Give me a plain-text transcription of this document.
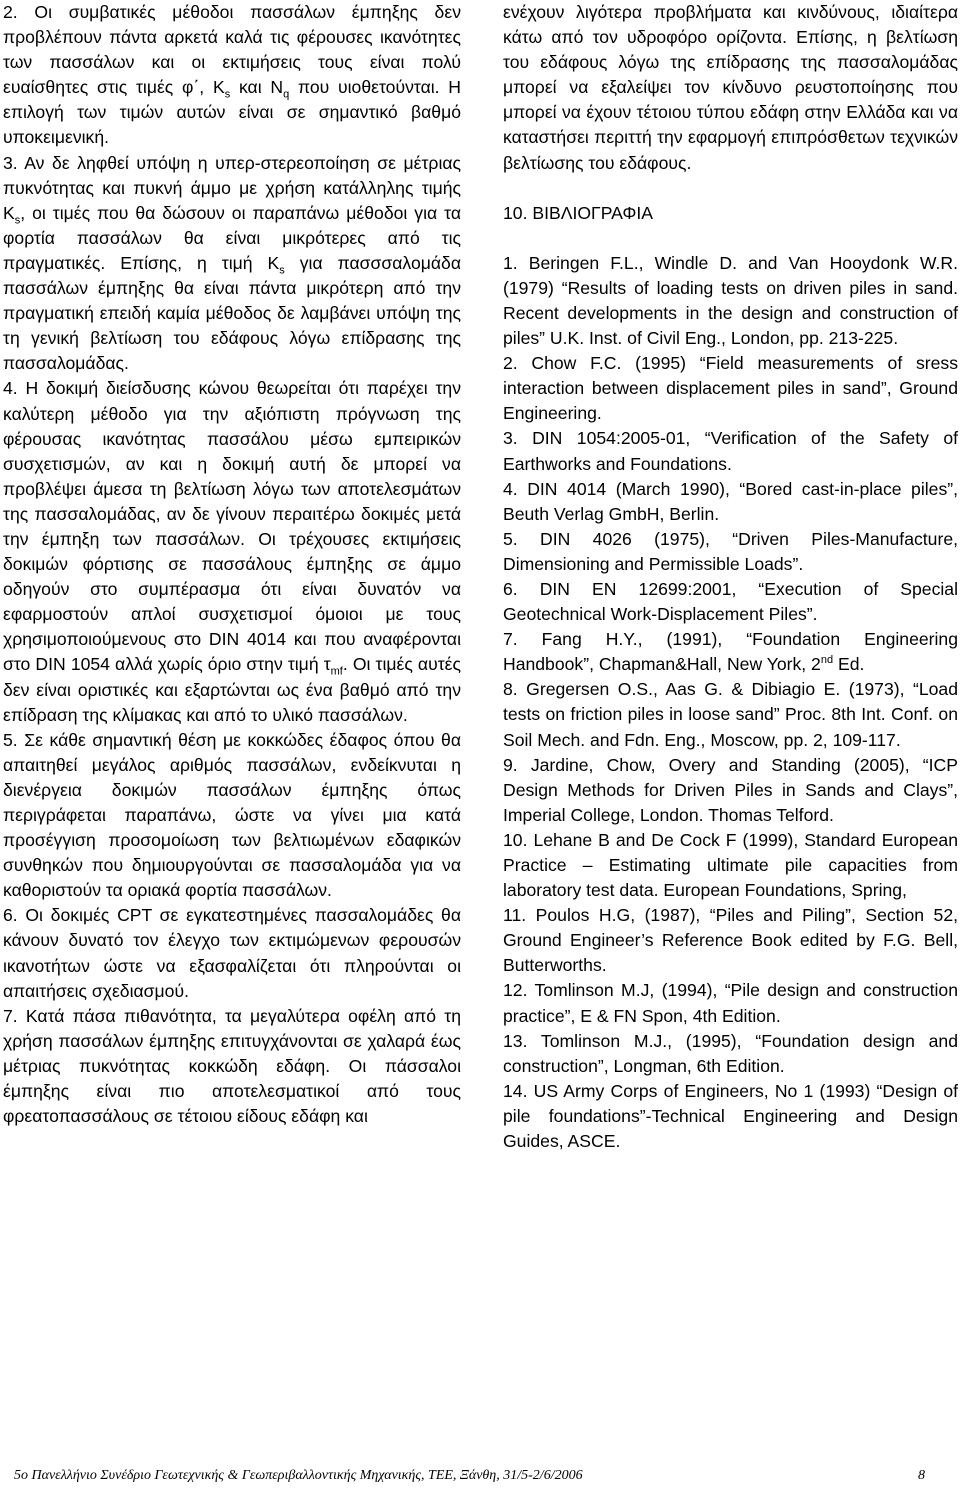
2. Οι συμβατικές μέθοδοι πασσάλων έμπηξης δεν προβλέπουν πάντα αρκετά καλά τις φέρουσες ικανότητες των πασσάλων και οι εκτιμήσεις τους είναι πολύ ευαίσθητες στις τιμές φ΄, $K_s$ και $N_q$ που υιοθετούνται. Η επιλογή των τιμών αυτών είναι σε σημαντικό βαθμό υποκειμενική.

3. Αν δε ληφθεί υπόψη η υπερ-στερεοποίηση σε μέτριας πυκνότητας και πυκνή άμμο με χρήση κατάλληλης τιμής $K_s$, οι τιμές που θα δώσουν οι παραπάνω μέθοδοι για τα φορτία πασσάλων θα είναι μικρότερες από τις πραγματικές. Επίσης, η τιμή $K_s$ για πασσσαλομάδα πασσάλων έμπηξης θα είναι πάντα μικρότερη από την πραγματική επειδή καμία μέθοδος δε λαμβάνει υπόψη της τη γενική βελτίωση του εδάφους λόγω επίδρασης της πασσαλομάδας.

4. Η δοκιμή διείσδυσης κώνου θεωρείται ότι παρέχει την καλύτερη μέθοδο για την αξιόπιστη πρόγνωση της φέρουσας ικανότητας πασσάλου μέσω εμπειρικών συσχετισμών, αν και η δοκιμή αυτή δε μπορεί να προβλέψει άμεσα τη βελτίωση λόγω των αποτελεσμάτων της πασσαλομάδας, αν δε γίνουν περαιτέρω δοκιμές μετά την έμπηξη των πασσάλων. Οι τρέχουσες εκτιμήσεις δοκιμών φόρτισης σε πασσάλους έμπηξης σε άμμο οδηγούν στο συμπέρασμα ότι είναι δυνατόν να εφαρμοστούν απλοί συσχετισμοί όμοιοι με τους χρησιμοποιούμενους στο DIN 4014 και που αναφέρονται στο DIN 1054 αλλά χωρίς όριο στην τιμή $\tau_{mf}$. Οι τιμές αυτές δεν είναι οριστικές και εξαρτώνται ως ένα βαθμό από την επίδραση της κλίμακας και από το υλικό πασσάλων.

5. Σε κάθε σημαντική θέση με κοκκώδες έδαφος όπου θα απαιτηθεί μεγάλος αριθμός πασσάλων, ενδείκνυται η διενέργεια δοκιμών πασσάλων έμπηξης όπως περιγράφεται παραπάνω, ώστε να γίνει μια κατά προσέγγιση προσομοίωση των βελτιωμένων εδαφικών συνθηκών που δημιουργούνται σε πασσαλομάδα για να καθοριστούν τα οριακά φορτία πασσάλων.

6. Οι δοκιμές CPT σε εγκατεστημένες πασσαλομάδες θα κάνουν δυνατό τον έλεγχο των εκτιμώμενων φερουσών ικανοτήτων ώστε να εξασφαλίζεται ότι πληρούνται οι απαιτήσεις σχεδιασμού.

7. Κατά πάσα πιθανότητα, τα μεγαλύτερα οφέλη από τη χρήση πασσάλων έμπηξης επιτυγχάνονται σε χαλαρά έως μέτριας πυκνότητας κοκκώδη εδάφη. Οι πάσσαλοι έμπηξης είναι πιο αποτελεσματικοί από τους φρεατοπασσάλους σε τέτοιου είδους εδάφη και

ενέχουν λιγότερα προβλήματα και κινδύνους, ιδιαίτερα κάτω από τον υδροφόρο ορίζοντα. Επίσης, η βελτίωση του εδάφους λόγω της επίδρασης της πασσαλομάδας μπορεί να εξαλείψει τον κίνδυνο ρευστοποίησης που μπορεί να έχουν τέτοιου τύπου εδάφη στην Ελλάδα και να καταστήσει περιττή την εφαρμογή επιπρόσθετων τεχνικών βελτίωσης του εδάφους.

10. ΒΙΒΛΙΟΓΡΑΦΙΑ

1. Beringen F.L., Windle D. and Van Hooydonk W.R. (1979) “Results of loading tests on driven piles in sand. Recent developments in the design and construction of piles” U.K. Inst. of Civil Eng., London, pp. 213-225.

2. Chow F.C. (1995) “Field measurements of sress interaction between displacement piles in sand”, Ground Engineering.

3. DIN 1054:2005-01, “Verification of the Safety of Earthworks and Foundations.

4. DIN 4014 (March 1990), “Bored cast-in-place piles”, Beuth Verlag GmbH, Berlin.

5. DIN 4026 (1975), “Driven Piles-Manufacture, Dimensioning and Permissible Loads”.

6. DIN EN 12699:2001, “Execution of Special Geotechnical Work-Displacement Piles”.

7. Fang H.Y., (1991), “Foundation Engineering Handbook”, Chapman&Hall, New York, 2nd Ed.

8. Gregersen O.S., Aas G. & Dibiagio E. (1973), “Load tests on friction piles in loose sand” Proc. 8th Int. Conf. on Soil Mech. and Fdn. Eng., Moscow, pp. 2, 109-117.

9. Jardine, Chow, Overy and Standing (2005), “ICP Design Methods for Driven Piles in Sands and Clays”, Imperial College, London. Thomas Telford.

10. Lehane B and De Cock F (1999), Standard European Practice – Estimating ultimate pile capacities from laboratory test data. European Foundations, Spring,

11. Poulos H.G, (1987), “Piles and Piling”, Section 52, Ground Engineer’s Reference Book edited by F.G. Bell, Butterworths.

12. Tomlinson M.J, (1994), “Pile design and construction practice”, E & FN Spon, 4th Edition.

13. Tomlinson M.J., (1995), “Foundation design and construction”, Longman, 6th Edition.

14. US Army Corps of Engineers, No 1 (1993) “Design of pile foundations”-Technical Engineering and Design Guides, ASCE.

5ο Πανελλήνιο Συνέδριο Γεωτεχνικής & Γεωπεριβαλλοντικής Μηχανικής, ΤΕΕ, Ξάνθη, 31/5-2/6/2006	8
